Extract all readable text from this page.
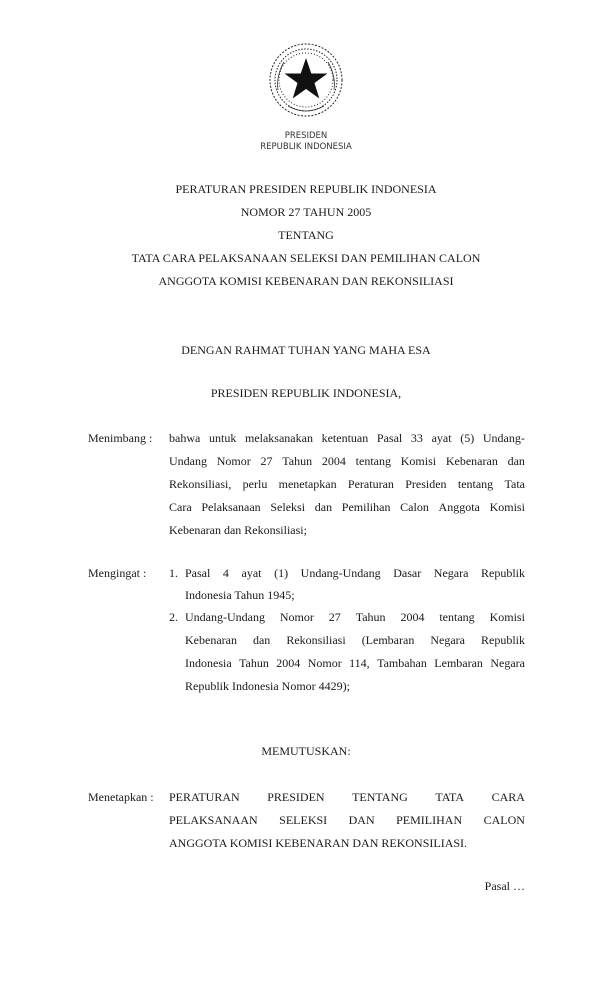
PRESIDEN
REPUBLIK INDONESIA
PERATURAN PRESIDEN REPUBLIK INDONESIA
NOMOR 27 TAHUN 2005
TENTANG
TATA CARA PELAKSANAAN SELEKSI DAN PEMILIHAN CALON
ANGGOTA KOMISI KEBENARAN DAN REKONSILIASI
DENGAN RAHMAT TUHAN YANG MAHA ESA
PRESIDEN REPUBLIK INDONESIA,
Menimbang : bahwa untuk melaksanakan ketentuan Pasal 33 ayat (5) Undang-
Undang Nomor 27 Tahun 2004 tentang Komisi Kebenaran dan
Rekonsiliasi, perlu menetapkan Peraturan Presiden tentang Tata
Cara Pelaksanaan Seleksi dan Pemilihan Calon Anggota Komisi
Kebenaran dan Rekonsiliasi;
Mengingat : 1. Pasal 4 ayat (1) Undang-Undang Dasar Negara Republik
Indonesia Tahun 1945;
2. Undang-Undang Nomor 27 Tahun 2004 tentang Komisi
Kebenaran dan Rekonsiliasi (Lembaran Negara Republik
Indonesia Tahun 2004 Nomor 114, Tambahan Lembaran Negara
Republik Indonesia Nomor 4429);
MEMUTUSKAN:
Menetapkan : PERATURAN PRESIDEN TENTANG TATA CARA
PELAKSANAAN SELEKSI DAN PEMILIHAN CALON
ANGGOTA KOMISI KEBENARAN DAN REKONSILIASI.
Pasal …
